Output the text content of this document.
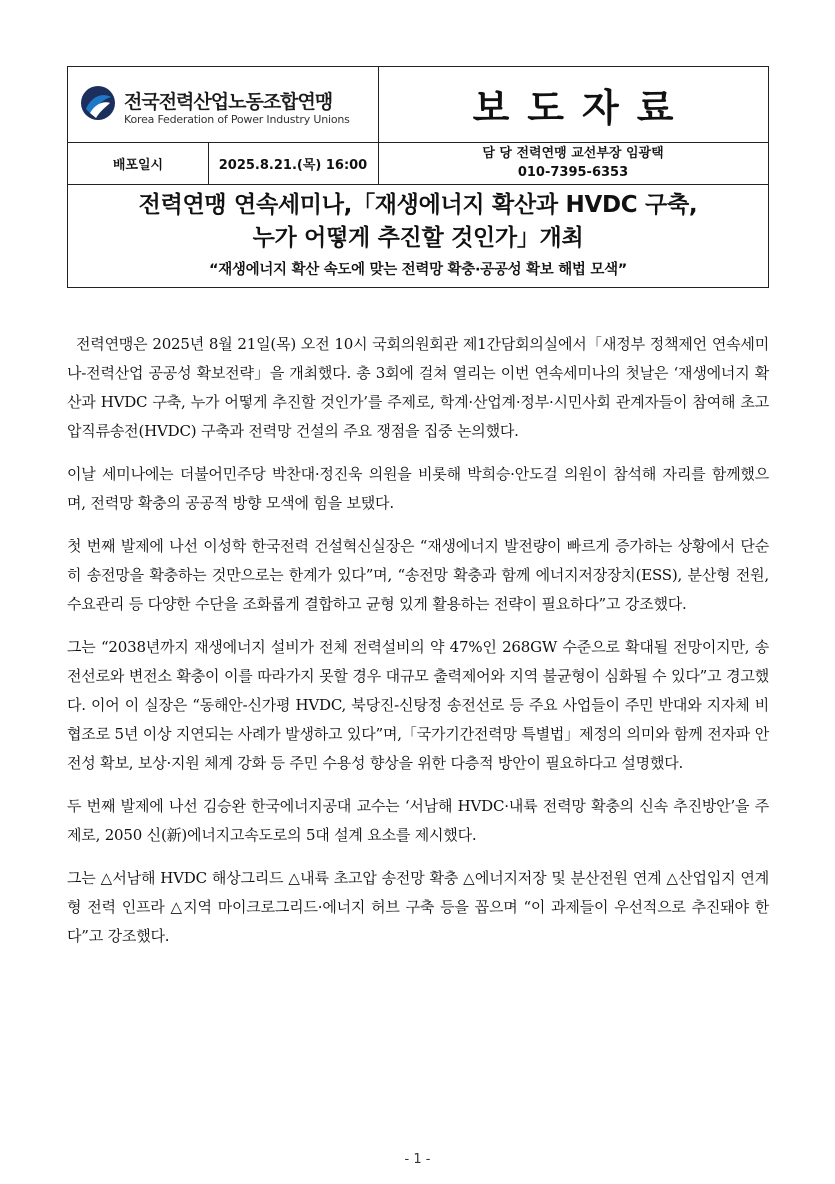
전국전력산업노동조합연맹
Korea Federation of Power Industry Unions	보도자료
배포일시	2025.8.21.(목) 16:00
담 당 전력연맹 교선부장 임광택
010-7395-6353
전력연맹 연속세미나,「재생에너지 확산과 HVDC 구축,
누가 어떻게 추진할 것인가」개최
“재생에너지 확산 속도에 맞는 전력망 확충·공공성 확보 해법 모색”

전력연맹은 2025년 8월 21일(목) 오전 10시 국회의원회관 제1간담회의실에서「새정부 정책제언 연속세미나-전력산업 공공성 확보전략」을 개최했다. 총 3회에 걸쳐 열리는 이번 연속세미나의 첫날은 ‘재생에너지 확산과 HVDC 구축, 누가 어떻게 추진할 것인가’를 주제로, 학계·산업계·정부·시민사회 관계자들이 참여해 초고압직류송전(HVDC) 구축과 전력망 건설의 주요 쟁점을 집중 논의했다.

이날 세미나에는 더불어민주당 박찬대·정진욱 의원을 비롯해 박희승·안도걸 의원이 참석해 자리를 함께했으며, 전력망 확충의 공공적 방향 모색에 힘을 보탰다.

첫 번째 발제에 나선 이성학 한국전력 건설혁신실장은 “재생에너지 발전량이 빠르게 증가하는 상황에서 단순히 송전망을 확충하는 것만으로는 한계가 있다”며, “송전망 확충과 함께 에너지저장장치(ESS), 분산형 전원, 수요관리 등 다양한 수단을 조화롭게 결합하고 균형 있게 활용하는 전략이 필요하다”고 강조했다.

그는 “2038년까지 재생에너지 설비가 전체 전력설비의 약 47%인 268GW 수준으로 확대될 전망이지만, 송전선로와 변전소 확충이 이를 따라가지 못할 경우 대규모 출력제어와 지역 불균형이 심화될 수 있다”고 경고했다. 이어 이 실장은 “동해안-신가평 HVDC, 북당진-신탕정 송전선로 등 주요 사업들이 주민 반대와 지자체 비협조로 5년 이상 지연되는 사례가 발생하고 있다”며,「국가기간전력망 특별법」제정의 의미와 함께 전자파 안전성 확보, 보상·지원 체계 강화 등 주민 수용성 향상을 위한 다층적 방안이 필요하다고 설명했다.

두 번째 발제에 나선 김승완 한국에너지공대 교수는 ‘서남해 HVDC·내륙 전력망 확충의 신속 추진방안’을 주제로, 2050 신(新)에너지고속도로의 5대 설계 요소를 제시했다.

그는 △서남해 HVDC 해상그리드 △내륙 초고압 송전망 확충 △에너지저장 및 분산전원 연계 △산업입지 연계형 전력 인프라 △지역 마이크로그리드·에너지 허브 구축 등을 꼽으며 “이 과제들이 우선적으로 추진돼야 한다”고 강조했다.

- 1 -
